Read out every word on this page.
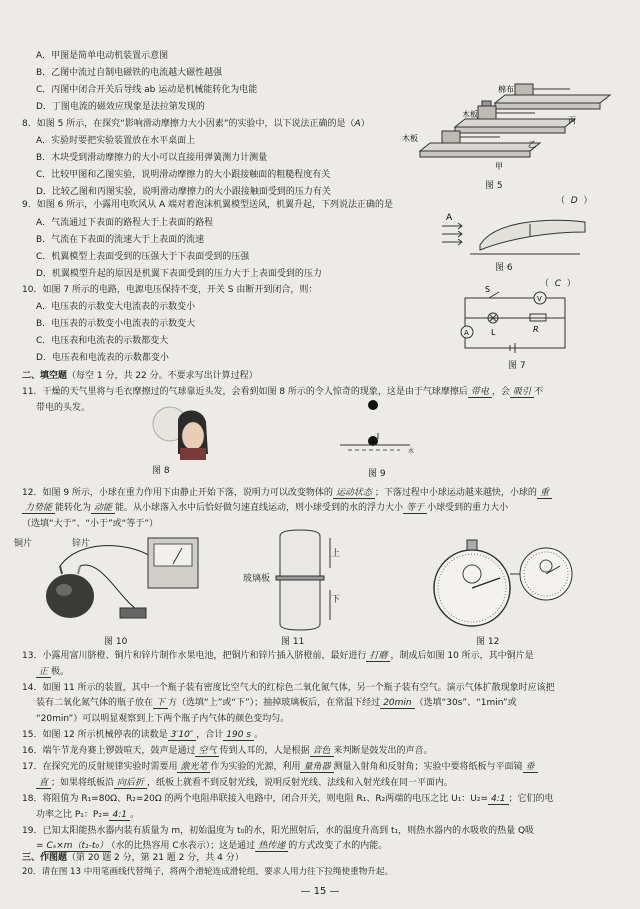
A．甲图是简单电动机装置示意图
B．乙图中流过自制电磁铁的电流越大磁性越强
C．丙图中闭合开关后导线 ab 运动是机械能转化为电能
D．丁图电流的磁效应现象是法拉第发现的
8．如图 5 所示，在探究“影响滑动摩擦力大小因素”的实验中，以下说法正确的是（A）
A．实验时要把实验装置放在水平桌面上
B．木块受到滑动摩擦力的大小可以直接用弹簧测力计测量
C．比较甲图和乙图实验，说明滑动摩擦力的大小跟接触面的粗糙程度有关
D．比较乙图和丙图实验，说明滑动摩擦力的大小跟接触面受到的压力有关
棉布
木板
木板
丙
乙
甲
图 5
9．如图 6 所示，小露用电吹风从 A 端对着泡沫机翼模型送风，机翼升起，下列说法正确的是	（  D  ）
A．气流通过下表面的路程大于上表面的路程
B．气流在下表面的流速大于上表面的流速
C．机翼模型上表面受到的压强大于下表面受到的压强
D．机翼模型升起的原因是机翼下表面受到的压力大于上表面受到的压力
A
图 6
10．如图 7 所示的电路，电源电压保持不变，开关 S 由断开到闭合，则：
（  C  ）
A．电压表的示数变大电流表的示数变小
B．电压表的示数变小电流表的示数变大
C．电压表和电流表的示数都变大
D．电压表和电流表的示数都变小
V
A
S
L	R
图 7
二、填空题（每空 1 分，共 22 分。不要求写出计算过程）
11．干燥的天气里将与毛衣摩擦过的气球靠近头发，会看到如图 8 所示的令人惊奇的现象，这是由于气球摩擦后 带电 ，会 吸引 不
带电的头发。
图 8
水
图 9
12．如图 9 所示，小球在重力作用下由静止开始下落，说明力可以改变物体的 运动状态 ；下落过程中小球运动越来越快，小球的 重
力势能 能转化为 动能 能。从小球落入水中后恰好做匀速直线运动，则小球受到的水的浮力大小 等于 小球受到的重力大小
（选填“大于”、“小于”或“等于”）
铜片	锌片
图 10
玻璃板
上
下
图 11	图 12
13．小露用富川脐橙、铜片和锌片制作水果电池，把铜片和锌片插入脐橙前，最好进行 打磨 ，制成后如图 10 所示，其中铜片是
正 极。
14．如图 11 所示的装置，其中一个瓶子装有密度比空气大的红棕色二氧化氮气体，另一个瓶子装有空气。演示气体扩散现象时应该把
装有二氧化氮气体的瓶子放在 下 方（选填“上”或“下”）；抽掉玻璃板后，在常温下经过 20min （选填“30s”、“1min”或
“20min”）可以明显观察到上下两个瓶子内气体的颜色变均匀。
15．如图 12 所示机械停表的读数是 3′10″ ，合计 190 s 。
16．端午节龙舟赛上锣鼓喧天，鼓声是通过 空气 传到人耳的，人是根据 音色 来判断是鼓发出的声音。
17．在探究光的反射规律实验时需要用 激光笔 作为实验的光源，利用 量角器 测量入射角和反射角；实验中要将纸板与平面镜 垂
直 ；如果将纸板沿 向后折 ，纸板上就看不到反射光线，说明反射光线、法线和入射光线在同一平面内。
18．将阻值为 R₁=80Ω、R₂=20Ω 的两个电阻串联接入电路中，闭合开关，则电阻 R₁、R₂两端的电压之比 U₁：U₂= 4:1 ；它们的电
功率之比 P₁：P₂= 4:1 。
19．已知太阳能热水器内装有质量为 m，初始温度为 t₀的水，阳光照射后，水的温度升高到 t₁，则热水器内的水吸收的热量 Q吸
= Cₛ×m（t₁-t₀） （水的比热容用 C水表示）；这是通过 热传递 的方式改变了水的内能。
三、作图题（第 20 题 2 分，第 21 题 2 分，共 4 分）
20．请在图 13 中用笔画线代替绳子，将两个滑轮连成滑轮组，要求人用力往下拉绳使重物升起。
— 15 —
